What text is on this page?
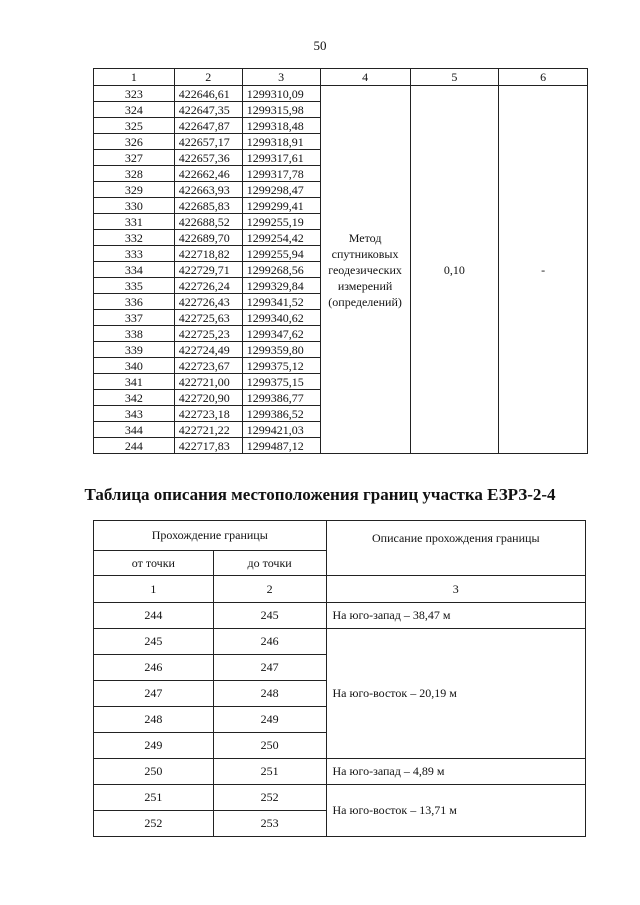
50
1	2	3	4	5	6
323	422646,61	1299310,09	Метод
спутниковых
геодезических
измерений
(определений)	0,10	-
324	422647,35	1299315,98			
325	422647,87	1299318,48			
326	422657,17	1299318,91			
327	422657,36	1299317,61			
328	422662,46	1299317,78			
329	422663,93	1299298,47			
330	422685,83	1299299,41			
331	422688,52	1299255,19			
332	422689,70	1299254,42			
333	422718,82	1299255,94			
334	422729,71	1299268,56			
335	422726,24	1299329,84			
336	422726,43	1299341,52			
337	422725,63	1299340,62			
338	422725,23	1299347,62			
339	422724,49	1299359,80			
340	422723,67	1299375,12			
341	422721,00	1299375,15			
342	422720,90	1299386,77			
343	422723,18	1299386,52			
344	422721,22	1299421,03			
244	422717,83	1299487,12			
Таблица описания местоположения границ участка ЕЗРЗ-2-4
Прохождение границы		Описание прохождения границы
от точки	до точки	
1	2	3
244	245	На юго-запад – 38,47 м
245	246	На юго-восток – 20,19 м
246	247	
247	248	
248	249	
249	250	
250	251	На юго-запад – 4,89 м
251	252	На юго-восток – 13,71 м
252	253	
